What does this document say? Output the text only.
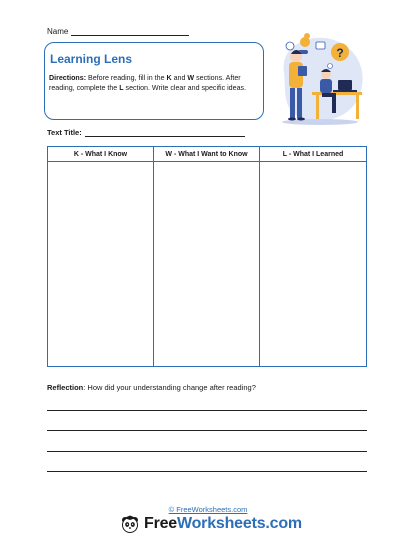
Name
Learning Lens

Directions: Before reading, fill in the K and W sections. After reading, complete the L section. Write clear and specific ideas.

?
Text Title:
K - What I Know	W - What I Want to Know	L - What I Learned

Reflection: How did your understanding change after reading?

© FreeWorksheets.com
FreeWorksheets.com
